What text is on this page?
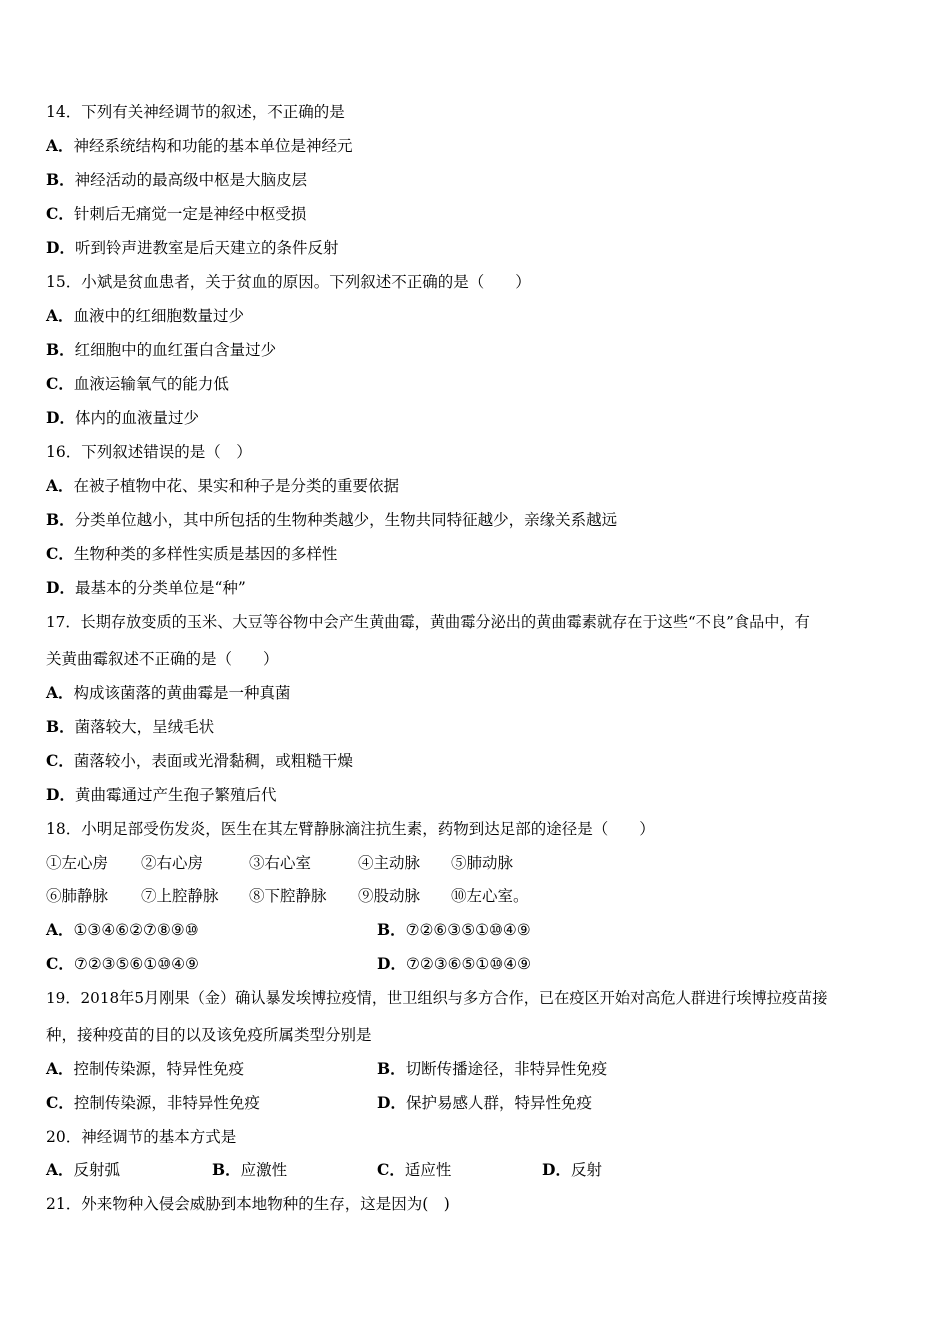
14．下列有关神经调节的叙述，不正确的是
A．神经系统结构和功能的基本单位是神经元
B．神经活动的最高级中枢是大脑皮层
C．针刺后无痛觉一定是神经中枢受损
D．听到铃声进教室是后天建立的条件反射
15．小斌是贫血患者，关于贫血的原因。下列叙述不正确的是（　　）
A．血液中的红细胞数量过少
B．红细胞中的血红蛋白含量过少
C．血液运输氧气的能力低
D．体内的血液量过少
16．下列叙述错误的是（　）
A．在被子植物中花、果实和种子是分类的重要依据
B．分类单位越小，其中所包括的生物种类越少，生物共同特征越少，亲缘关系越远
C．生物种类的多样性实质是基因的多样性
D．最基本的分类单位是“种”
17．长期存放变质的玉米、大豆等谷物中会产生黄曲霉，黄曲霉分泌出的黄曲霉素就存在于这些“不良”食品中，有
关黄曲霉叙述不正确的是（　　）
A．构成该菌落的黄曲霉是一种真菌
B．菌落较大，呈绒毛状
C．菌落较小，表面或光滑黏稠，或粗糙干燥
D．黄曲霉通过产生孢子繁殖后代
18．小明足部受伤发炎，医生在其左臂静脉滴注抗生素，药物到达足部的途径是（　　）
①左心房 ②右心房	③右心室	④主动脉 ⑤肺动脉
⑥肺静脉 ⑦上腔静脉 ⑧下腔静脉 ⑨股动脉 ⑩左心室。
A．①③④⑥②⑦⑧⑨⑩	B．⑦②⑥③⑤①⑩④⑨
C．⑦②③⑤⑥①⑩④⑨	D．⑦②③⑥⑤①⑩④⑨
19．2018年5月刚果（金）确认暴发埃博拉疫情，世卫组织与多方合作，已在疫区开始对高危人群进行埃博拉疫苗接
种，接种疫苗的目的以及该免疫所属类型分别是
A．控制传染源，特异性免疫	B．切断传播途径，非特异性免疫
C．控制传染源，非特异性免疫	D．保护易感人群，特异性免疫
20．神经调节的基本方式是
A．反射弧	B．应激性	C．适应性	D．反射
21．外来物种入侵会威胁到本地物种的生存，这是因为(　)
